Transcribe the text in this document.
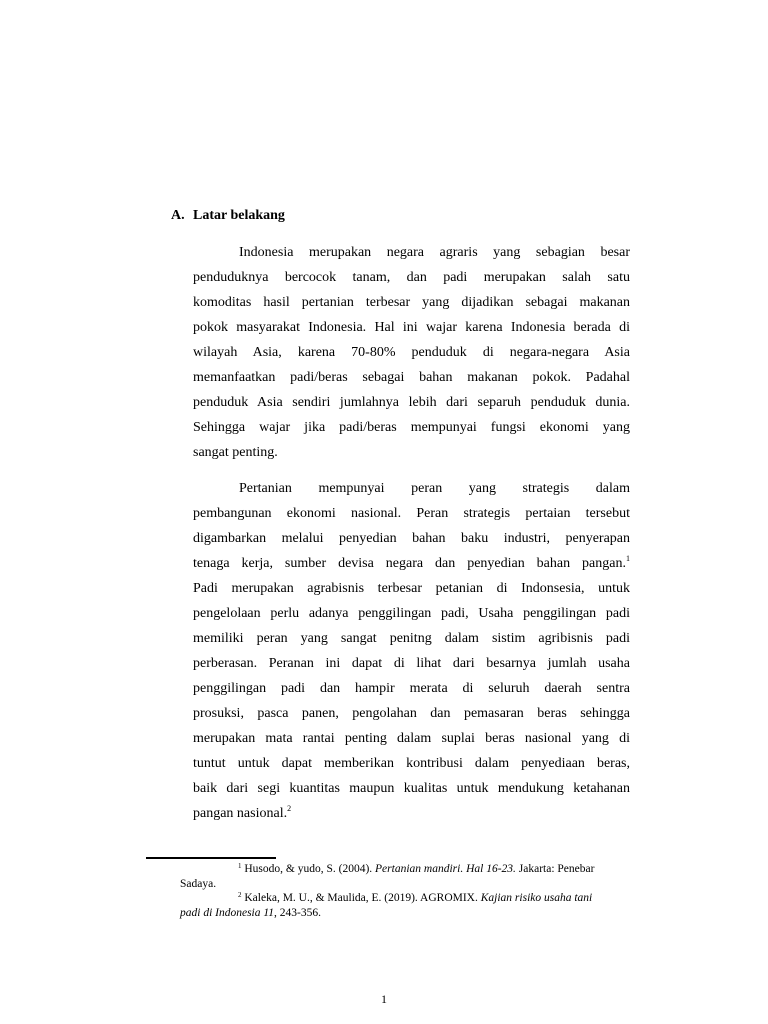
A. Latar belakang
Indonesia merupakan negara agraris yang sebagian besar
penduduknya bercocok tanam, dan padi merupakan salah satu
komoditas hasil pertanian terbesar yang dijadikan sebagai makanan
pokok masyarakat Indonesia. Hal ini wajar karena Indonesia berada di
wilayah Asia, karena 70-80% penduduk di negara-negara Asia
memanfaatkan padi/beras sebagai bahan makanan pokok. Padahal
penduduk Asia sendiri jumlahnya lebih dari separuh penduduk dunia.
Sehingga wajar jika padi/beras mempunyai fungsi ekonomi yang
sangat penting.
Pertanian mempunyai peran yang strategis dalam
pembangunan ekonomi nasional. Peran strategis pertaian tersebut
digambarkan melalui penyedian bahan baku industri, penyerapan
tenaga kerja, sumber devisa negara dan penyedian bahan pangan.$^1$
Padi merupakan agrabisnis terbesar petanian di Indonsesia, untuk
pengelolaan perlu adanya penggilingan padi, Usaha penggilingan padi
memiliki peran yang sangat penitng dalam sistim agribisnis padi
perberasan. Peranan ini dapat di lihat dari besarnya jumlah usaha
penggilingan padi dan hampir merata di seluruh daerah sentra
prosuksi, pasca panen, pengolahan dan pemasaran beras sehingga
merupakan mata rantai penting dalam suplai beras nasional yang di
tuntut untuk dapat memberikan kontribusi dalam penyediaan beras,
baik dari segi kuantitas maupun kualitas untuk mendukung ketahanan
pangan nasional.$^2$
$^1$ Husodo, & yudo, S. (2004). Pertanian mandiri. Hal 16-23. Jakarta: Penebar
Sadaya.
$^2$ Kaleka, M. U., & Maulida, E. (2019). AGROMIX. Kajian risiko usaha tani
padi di Indonesia 11, 243-356.
1
